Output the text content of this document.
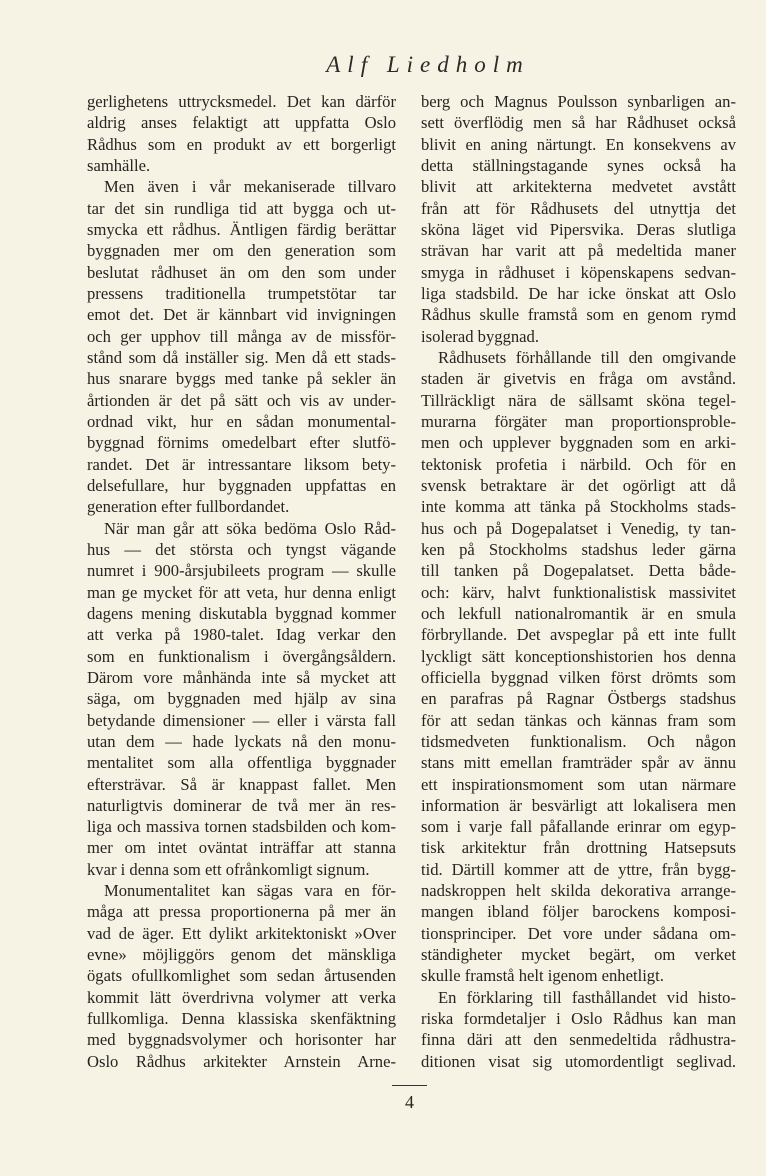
Alf Liedholm
gerlighetens uttrycksmedel. Det kan därför
aldrig anses felaktigt att uppfatta Oslo
Rådhus som en produkt av ett borgerligt
samhälle.
Men även i vår mekaniserade tillvaro
tar det sin rundliga tid att bygga och ut-
smycka ett rådhus. Äntligen färdig berättar
byggnaden mer om den generation som
beslutat rådhuset än om den som under
pressens traditionella trumpetstötar tar
emot det. Det är kännbart vid invigningen
och ger upphov till många av de missför-
stånd som då inställer sig. Men då ett stads-
hus snarare byggs med tanke på sekler än
årtionden är det på sätt och vis av under-
ordnad vikt, hur en sådan monumental-
byggnad förnims omedelbart efter slutfö-
randet. Det är intressantare liksom bety-
delsefullare, hur byggnaden uppfattas en
generation efter fullbordandet.
När man går att söka bedöma Oslo Råd-
hus — det största och tyngst vägande
numret i 900-årsjubileets program — skulle
man ge mycket för att veta, hur denna enligt
dagens mening diskutabla byggnad kommer
att verka på 1980-talet. Idag verkar den
som en funktionalism i övergångsåldern.
Därom vore månhända inte så mycket att
säga, om byggnaden med hjälp av sina
betydande dimensioner — eller i värsta fall
utan dem — hade lyckats nå den monu-
mentalitet som alla offentliga byggnader
eftersträvar. Så är knappast fallet. Men
naturligtvis dominerar de två mer än res-
liga och massiva tornen stadsbilden och kom-
mer om intet oväntat inträffar att stanna
kvar i denna som ett ofrånkomligt signum.
Monumentalitet kan sägas vara en för-
måga att pressa proportionerna på mer än
vad de äger. Ett dylikt arkitektoniskt »Over
evne» möjliggörs genom det mänskliga
ögats ofullkomlighet som sedan årtusenden
kommit lätt överdrivna volymer att verka
fullkomliga. Denna klassiska skenfäktning
med byggnadsvolymer och horisonter har
Oslo Rådhus arkitekter Arnstein Arne-
berg och Magnus Poulsson synbarligen an-
sett överflödig men så har Rådhuset också
blivit en aning närtungt. En konsekvens av
detta ställningstagande synes också ha
blivit att arkitekterna medvetet avstått
från att för Rådhusets del utnyttja det
sköna läget vid Pipersvika. Deras slutliga
strävan har varit att på medeltida maner
smyga in rådhuset i köpenskapens sedvan-
liga stadsbild. De har icke önskat att Oslo
Rådhus skulle framstå som en genom rymd
isolerad byggnad.
Rådhusets förhållande till den omgivande
staden är givetvis en fråga om avstånd.
Tillräckligt nära de sällsamt sköna tegel-
murarna förgäter man proportionsproble-
men och upplever byggnaden som en arki-
tektonisk profetia i närbild. Och för en
svensk betraktare är det ogörligt att då
inte komma att tänka på Stockholms stads-
hus och på Dogepalatset i Venedig, ty tan-
ken på Stockholms stadshus leder gärna
till tanken på Dogepalatset. Detta både-
och: kärv, halvt funktionalistisk massivitet
och lekfull nationalromantik är en smula
förbryllande. Det avspeglar på ett inte fullt
lyckligt sätt konceptionshistorien hos denna
officiella byggnad vilken först drömts som
en parafras på Ragnar Östbergs stadshus
för att sedan tänkas och kännas fram som
tidsmedveten funktionalism. Och någon
stans mitt emellan framträder spår av ännu
ett inspirationsmoment som utan närmare
information är besvärligt att lokalisera men
som i varje fall påfallande erinrar om egyp-
tisk arkitektur från drottning Hatsepsuts
tid. Därtill kommer att de yttre, från bygg-
nadskroppen helt skilda dekorativa arrange-
mangen ibland följer barockens komposi-
tionsprinciper. Det vore under sådana om-
ständigheter mycket begärt, om verket
skulle framstå helt igenom enhetligt.
En förklaring till fasthållandet vid histo-
riska formdetaljer i Oslo Rådhus kan man
finna däri att den senmedeltida rådhustra-
ditionen visat sig utomordentligt seglivad.
4
